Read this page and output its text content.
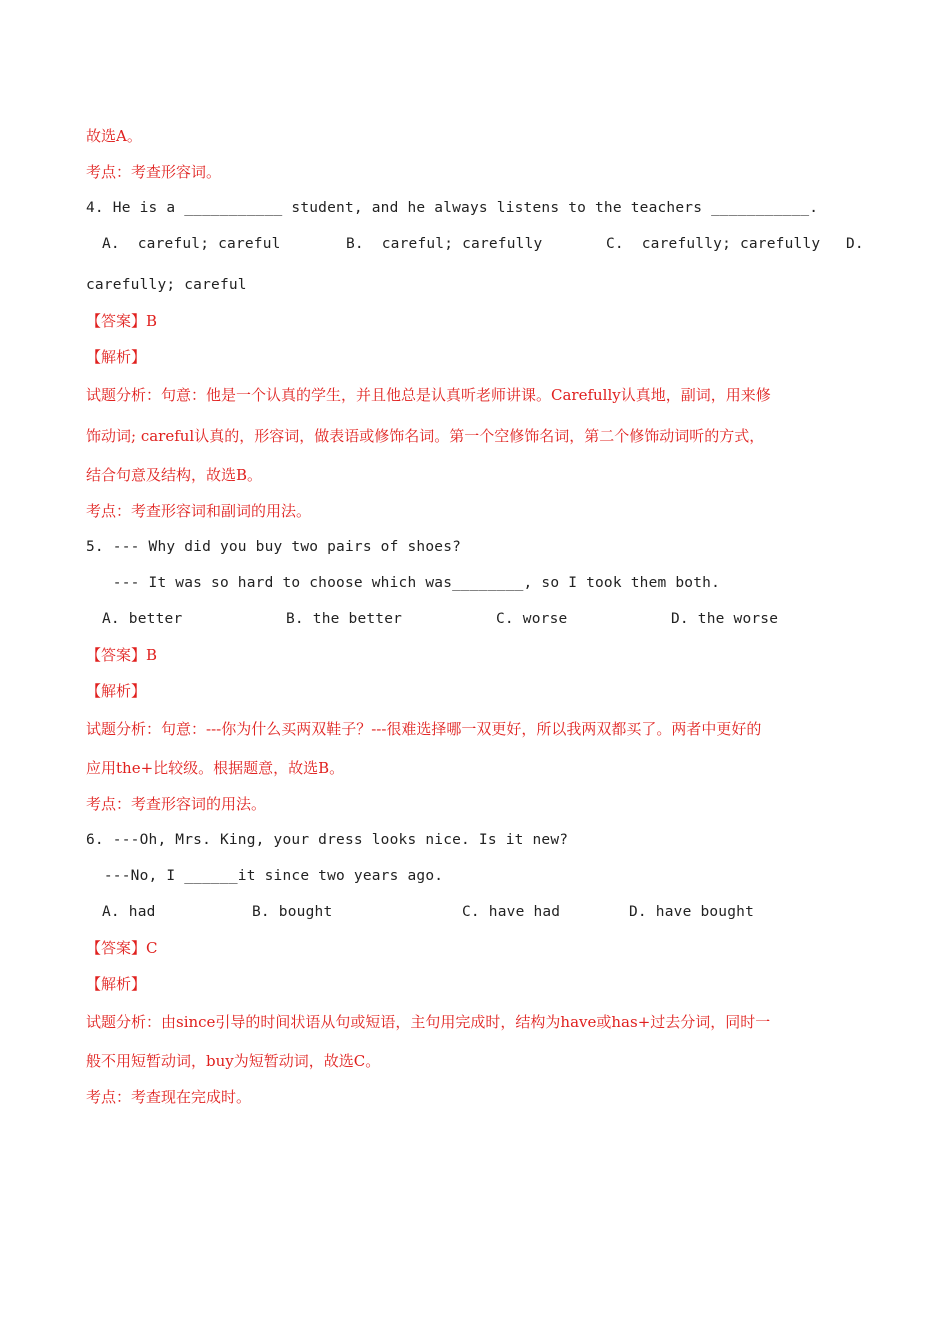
故选A。
考点：考查形容词。
4. He is a ___________ student, and he always listens to the teachers ___________.
A.  careful; careful	B.  careful; carefully	C.  carefully; carefully D.
carefully; careful
【答案】B
【解析】
试题分析：句意：他是一个认真的学生，并且他总是认真听老师讲课。Carefully认真地，副词，用来修
饰动词; careful认真的，形容词，做表语或修饰名词。第一个空修饰名词，第二个修饰动词听的方式，
结合句意及结构，故选B。
考点：考查形容词和副词的用法。
5. --- Why did you buy two pairs of shoes?
--- It was so hard to choose which was________, so I took them both.
A. better	B. the better	C. worse	D. the worse
【答案】B
【解析】
试题分析：句意：---你为什么买两双鞋子？---很难选择哪一双更好，所以我两双都买了。两者中更好的
应用the+比较级。根据题意，故选B。
考点：考查形容词的用法。
6. ---Oh, Mrs. King, your dress looks nice. Is it new?
---No, I ______it since two years ago.
A. had	B. bought	C. have had	D. have bought
【答案】C
【解析】
试题分析：由since引导的时间状语从句或短语，主句用完成时，结构为have或has+过去分词，同时一
般不用短暂动词，buy为短暂动词，故选C。
考点：考查现在完成时。
